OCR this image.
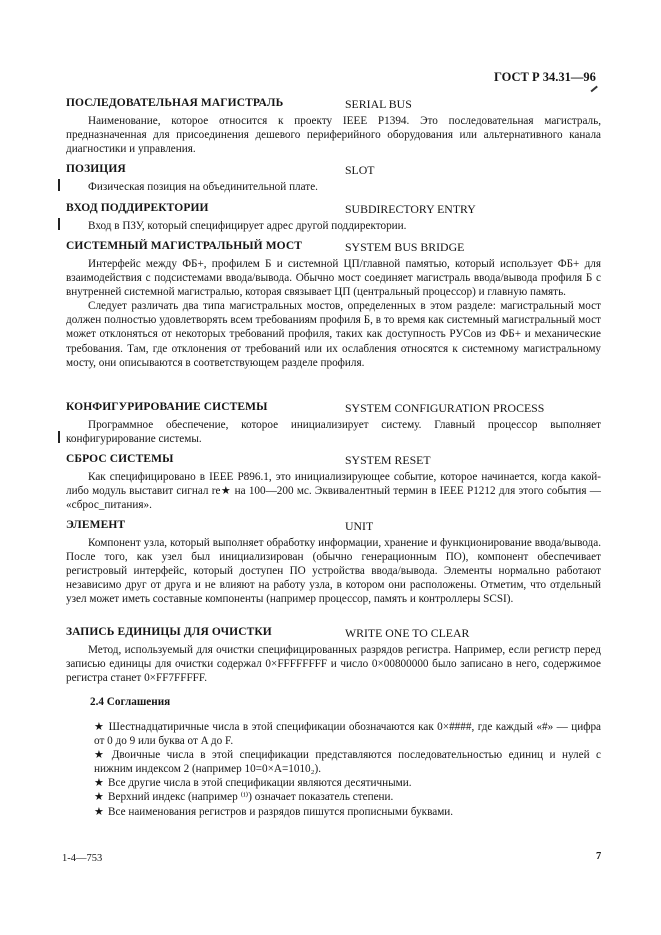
ГОСТ Р 34.31—96
ПОСЛЕДОВАТЕЛЬНАЯ МАГИСТРАЛЬ	SERIAL BUS

Наименование, которое относится к проекту IEEE P1394. Это последовательная магистраль, предназначенная для присоединения дешевого периферийного оборудования или альтернативного канала диагностики и управления.

ПОЗИЦИЯ	SLOT

Физическая позиция на объединительной плате.

ВХОД ПОДДИРЕКТОРИИ	SUBDIRECTORY ENTRY

Вход в ПЗУ, который специфицирует адрес другой поддиректории.

СИСТЕМНЫЙ МАГИСТРАЛЬНЫЙ МОСТ	SYSTEM BUS BRIDGE

Интерфейс между ФБ+, профилем Б и системной ЦП/главной памятью, который использует ФБ+ для взаимодействия с подсистемами ввода/вывода. Обычно мост соединяет магистраль ввода/вывода профиля Б с внутренней системной магистралью, которая связывает ЦП (центральный процессор) и главную память.

Следует различать два типа магистральных мостов, определенных в этом разделе: магистральный мост должен полностью удовлетворять всем требованиям профиля Б, в то время как системный магистральный мост может отклоняться от некоторых требований профиля, таких как доступность РУСов из ФБ+ и механические требования. Там, где отклонения от требований или их ослабления относятся к системному магистральному мосту, они описываются в соответствующем разделе профиля.

КОНФИГУРИРОВАНИЕ СИСТЕМЫ	SYSTEM CONFIGURATION PROCESS

Программное обеспечение, которое инициализирует систему. Главный процессор выполняет конфигурирование системы.

СБРОС СИСТЕМЫ	SYSTEM RESET

Как специфицировано в IEEE P896.1, это инициализирующее событие, которое начинается, когда какой-либо модуль выставит сигнал rе★ на 100—200 мс. Эквивалентный термин в IEEE P1212 для этого события — «сброс_питания».

ЭЛЕМЕНТ	UNIT

Компонент узла, который выполняет обработку информации, хранение и функционирование ввода/вывода. После того, как узел был инициализирован (обычно генерационным ПО), компонент обеспечивает регистровый интерфейс, который доступен ПО устройства ввода/вывода. Элементы нормально работают независимо друг от друга и не влияют на работу узла, в котором они расположены. Отметим, что отдельный узел может иметь составные компоненты (например процессор, память и контроллеры SCSI).

ЗАПИСЬ ЕДИНИЦЫ ДЛЯ ОЧИСТКИ	WRITE ONE TO CLEAR

Метод, используемый для очистки специфицированных разрядов регистра. Например, если регистр перед записью единицы для очистки содержал 0×FFFFFFFF и число 0×00800000 было записано в него, содержимое регистра станет 0×FF7FFFFF.

2.4 Соглашения

★ Шестнадцатиричные числа в этой спецификации обозначаются как 0×####, где каждый «#» — цифра от 0 до 9 или буква от A до F.

★ Двоичные числа в этой спецификации представляются последовательностью единиц и нулей с нижним индексом 2 (например 10=0×A=1010₂).

★ Все другие числа в этой спецификации являются десятичными.

★ Верхний индекс (например ⁽ⁱ⁾) означает показатель степени.

★ Все наименования регистров и разрядов пишутся прописными буквами.

1-4—753	7
